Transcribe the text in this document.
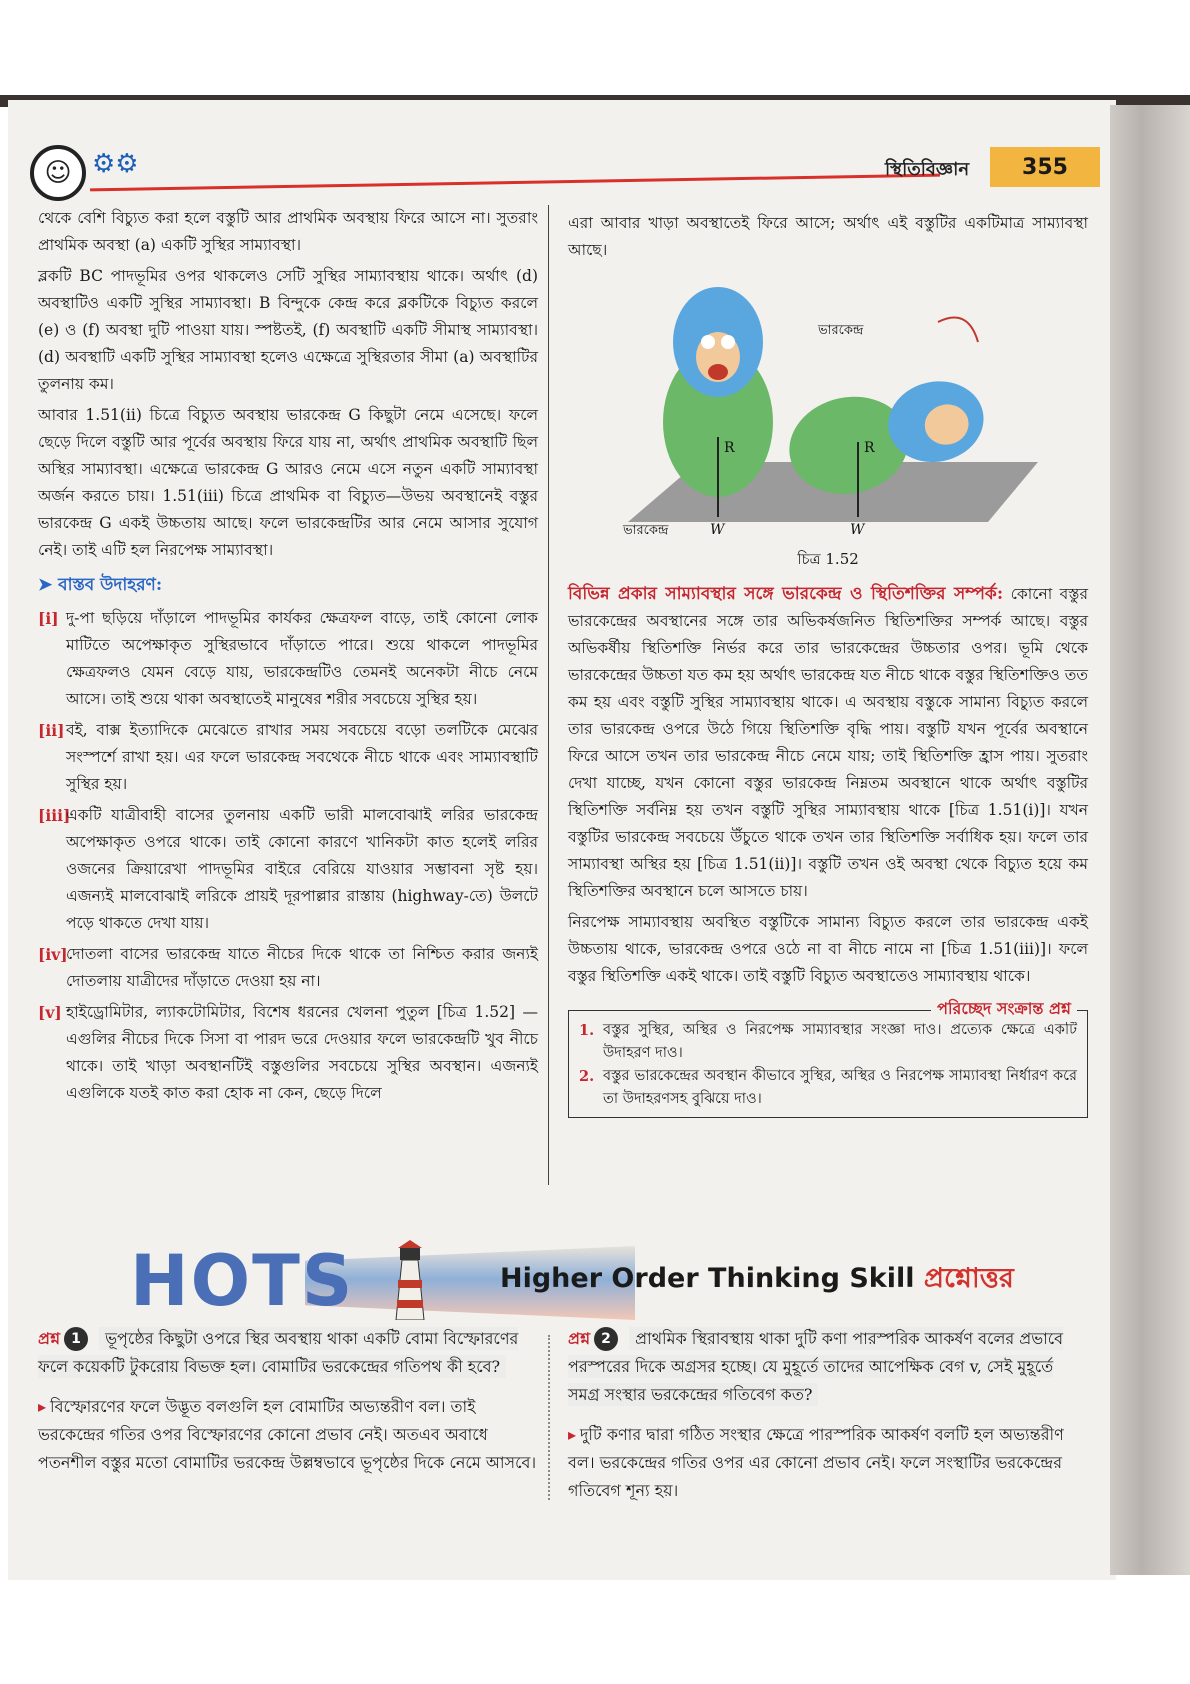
☺ ⚙⚙	স্থিতিবিজ্ঞান	355

থেকে বেশি বিচ্যুত করা হলে বস্তুটি আর প্রাথমিক অবস্থায় ফিরে আসে না। সুতরাং প্রাথমিক অবস্থা (a) একটি সুস্থির সাম্যাবস্থা।

ব্লকটি BC পাদভূমির ওপর থাকলেও সেটি সুস্থির সাম্যাবস্থায় থাকে। অর্থাৎ (d) অবস্থাটিও একটি সুস্থির সাম্যাবস্থা। B বিন্দুকে কেন্দ্র করে ব্লকটিকে বিচ্যুত করলে (e) ও (f) অবস্থা দুটি পাওয়া যায়। স্পষ্টতই, (f) অবস্থাটি একটি সীমাস্থ সাম্যাবস্থা। (d) অবস্থাটি একটি সুস্থির সাম্যাবস্থা হলেও এক্ষেত্রে সুস্থিরতার সীমা (a) অবস্থাটির তুলনায় কম।

আবার 1.51(ii) চিত্রে বিচ্যুত অবস্থায় ভারকেন্দ্র G কিছুটা নেমে এসেছে। ফলে ছেড়ে দিলে বস্তুটি আর পূর্বের অবস্থায় ফিরে যায় না, অর্থাৎ প্রাথমিক অবস্থাটি ছিল অস্থির সাম্যাবস্থা। এক্ষেত্রে ভারকেন্দ্র G আরও নেমে এসে নতুন একটি সাম্যাবস্থা অর্জন করতে চায়। 1.51(iii) চিত্রে প্রাথমিক বা বিচ্যুত—উভয় অবস্থানেই বস্তুর ভারকেন্দ্র G একই উচ্চতায় আছে। ফলে ভারকেন্দ্রটির আর নেমে আসার সুযোগ নেই। তাই এটি হল নিরপেক্ষ সাম্যাবস্থা।

➤ বাস্তব উদাহরণ:
[i] দু-পা ছড়িয়ে দাঁড়ালে পাদভূমির কার্যকর ক্ষেত্রফল বাড়ে, তাই কোনো লোক মাটিতে অপেক্ষাকৃত সুস্থিরভাবে দাঁড়াতে পারে। শুয়ে থাকলে পাদভূমির ক্ষেত্রফলও যেমন বেড়ে যায়, ভারকেন্দ্রটিও তেমনই অনেকটা নীচে নেমে আসে। তাই শুয়ে থাকা অবস্থাতেই মানুষের শরীর সবচেয়ে সুস্থির হয়।
[ii] বই, বাক্স ইত্যাদিকে মেঝেতে রাখার সময় সবচেয়ে বড়ো তলটিকে মেঝের সংস্পর্শে রাখা হয়। এর ফলে ভারকেন্দ্র সবথেকে নীচে থাকে এবং সাম্যাবস্থাটি সুস্থির হয়।
[iii]
একটি যাত্রীবাহী বাসের তুলনায় একটি ভারী মালবোঝাই লরির ভারকেন্দ্র অপেক্ষাকৃত ওপরে থাকে। তাই কোনো কারণে খানিকটা কাত হলেই লরির ওজনের ক্রিয়ারেখা পাদভূমির বাইরে বেরিয়ে যাওয়ার সম্ভাবনা সৃষ্ট হয়। এজন্যই মালবোঝাই লরিকে প্রায়ই দূরপাল্লার রাস্তায় (highway-তে) উলটে পড়ে থাকতে দেখা যায়।
[iv]
দোতলা বাসের ভারকেন্দ্র যাতে নীচের দিকে থাকে তা নিশ্চিত করার জন্যই দোতলায় যাত্রীদের দাঁড়াতে দেওয়া হয় না।
[v] হাইড্রোমিটার, ল্যাকটোমিটার, বিশেষ ধরনের খেলনা পুতুল [চিত্র 1.52] —এগুলির নীচের দিকে সিসা বা পারদ ভরে দেওয়ার ফলে ভারকেন্দ্রটি খুব নীচে থাকে। তাই খাড়া অবস্থানটিই বস্তুগুলির সবচেয়ে সুস্থির অবস্থান। এজন্যই এগুলিকে যতই কাত করা হোক না কেন, ছেড়ে দিলে

এরা আবার খাড়া অবস্থাতেই ফিরে আসে; অর্থাৎ এই বস্তুটির একটিমাত্র সাম্যাবস্থা আছে।

R
W
ভারকেন্দ্র
R
W
ভারকেন্দ্র
চিত্র 1.52

বিভিন্ন প্রকার সাম্যাবস্থার সঙ্গে ভারকেন্দ্র ও স্থিতিশক্তির সম্পর্ক: কোনো বস্তুর ভারকেন্দ্রের অবস্থানের সঙ্গে তার অভিকর্ষজনিত স্থিতিশক্তির সম্পর্ক আছে। বস্তুর অভিকর্ষীয় স্থিতিশক্তি নির্ভর করে তার ভারকেন্দ্রের উচ্চতার ওপর। ভূমি থেকে ভারকেন্দ্রের উচ্চতা যত কম হয় অর্থাৎ ভারকেন্দ্র যত নীচে থাকে বস্তুর স্থিতিশক্তিও তত কম হয় এবং বস্তুটি সুস্থির সাম্যাবস্থায় থাকে। এ অবস্থায় বস্তুকে সামান্য বিচ্যুত করলে তার ভারকেন্দ্র ওপরে উঠে গিয়ে স্থিতিশক্তি বৃদ্ধি পায়। বস্তুটি যখন পূর্বের অবস্থানে ফিরে আসে তখন তার ভারকেন্দ্র নীচে নেমে যায়; তাই স্থিতিশক্তি হ্রাস পায়। সুতরাং দেখা যাচ্ছে, যখন কোনো বস্তুর ভারকেন্দ্র নিম্নতম অবস্থানে থাকে অর্থাৎ বস্তুটির স্থিতিশক্তি সর্বনিম্ন হয় তখন বস্তুটি সুস্থির সাম্যাবস্থায় থাকে [চিত্র 1.51(i)]। যখন বস্তুটির ভারকেন্দ্র সবচেয়ে উঁচুতে থাকে তখন তার স্থিতিশক্তি সর্বাধিক হয়। ফলে তার সাম্যাবস্থা অস্থির হয় [চিত্র 1.51(ii)]। বস্তুটি তখন ওই অবস্থা থেকে বিচ্যুত হয়ে কম স্থিতিশক্তির অবস্থানে চলে আসতে চায়।

নিরপেক্ষ সাম্যাবস্থায় অবস্থিত বস্তুটিকে সামান্য বিচ্যুত করলে তার ভারকেন্দ্র একই উচ্চতায় থাকে, ভারকেন্দ্র ওপরে ওঠে না বা নীচে নামে না [চিত্র 1.51(iii)]। ফলে বস্তুর স্থিতিশক্তি একই থাকে। তাই বস্তুটি বিচ্যুত অবস্থাতেও সাম্যাবস্থায় থাকে।

পরিচ্ছেদ সংক্রান্ত প্রশ্ন
1. বস্তুর সুস্থির, অস্থির ও নিরপেক্ষ সাম্যাবস্থার সংজ্ঞা দাও। প্রত্যেক ক্ষেত্রে একটি উদাহরণ দাও।
2. বস্তুর ভারকেন্দ্রের অবস্থান কীভাবে সুস্থির, অস্থির ও নিরপেক্ষ সাম্যাবস্থা নির্ধারণ করে তা উদাহরণসহ বুঝিয়ে দাও।
HOTS	Higher Order Thinking Skill প্রশ্নোত্তর
প্রশ্ন 1	ভূপৃষ্ঠের কিছুটা ওপরে স্থির অবস্থায় থাকা একটি বোমা বিস্ফোরণের ফলে কয়েকটি টুকরোয় বিভক্ত হল। বোমাটির ভরকেন্দ্রের গতিপথ কী হবে?
▸ বিস্ফোরণের ফলে উদ্ভূত বলগুলি হল বোমাটির অভ্যন্তরীণ বল। তাই ভরকেন্দ্রের গতির ওপর বিস্ফোরণের কোনো প্রভাব নেই। অতএব অবাধে পতনশীল বস্তুর মতো বোমাটির ভরকেন্দ্র উল্লম্বভাবে ভূপৃষ্ঠের দিকে নেমে আসবে।
প্রশ্ন 2	প্রাথমিক স্থিরাবস্থায় থাকা দুটি কণা পারস্পরিক আকর্ষণ বলের প্রভাবে পরস্পরের দিকে অগ্রসর হচ্ছে। যে মুহূর্তে তাদের আপেক্ষিক বেগ v, সেই মুহূর্তে সমগ্র সংস্থার ভরকেন্দ্রের গতিবেগ কত?
▸ দুটি কণার দ্বারা গঠিত সংস্থার ক্ষেত্রে পারস্পরিক আকর্ষণ বলটি হল অভ্যন্তরীণ বল। ভরকেন্দ্রের গতির ওপর এর কোনো প্রভাব নেই। ফলে সংস্থাটির ভরকেন্দ্রের গতিবেগ শূন্য হয়।
